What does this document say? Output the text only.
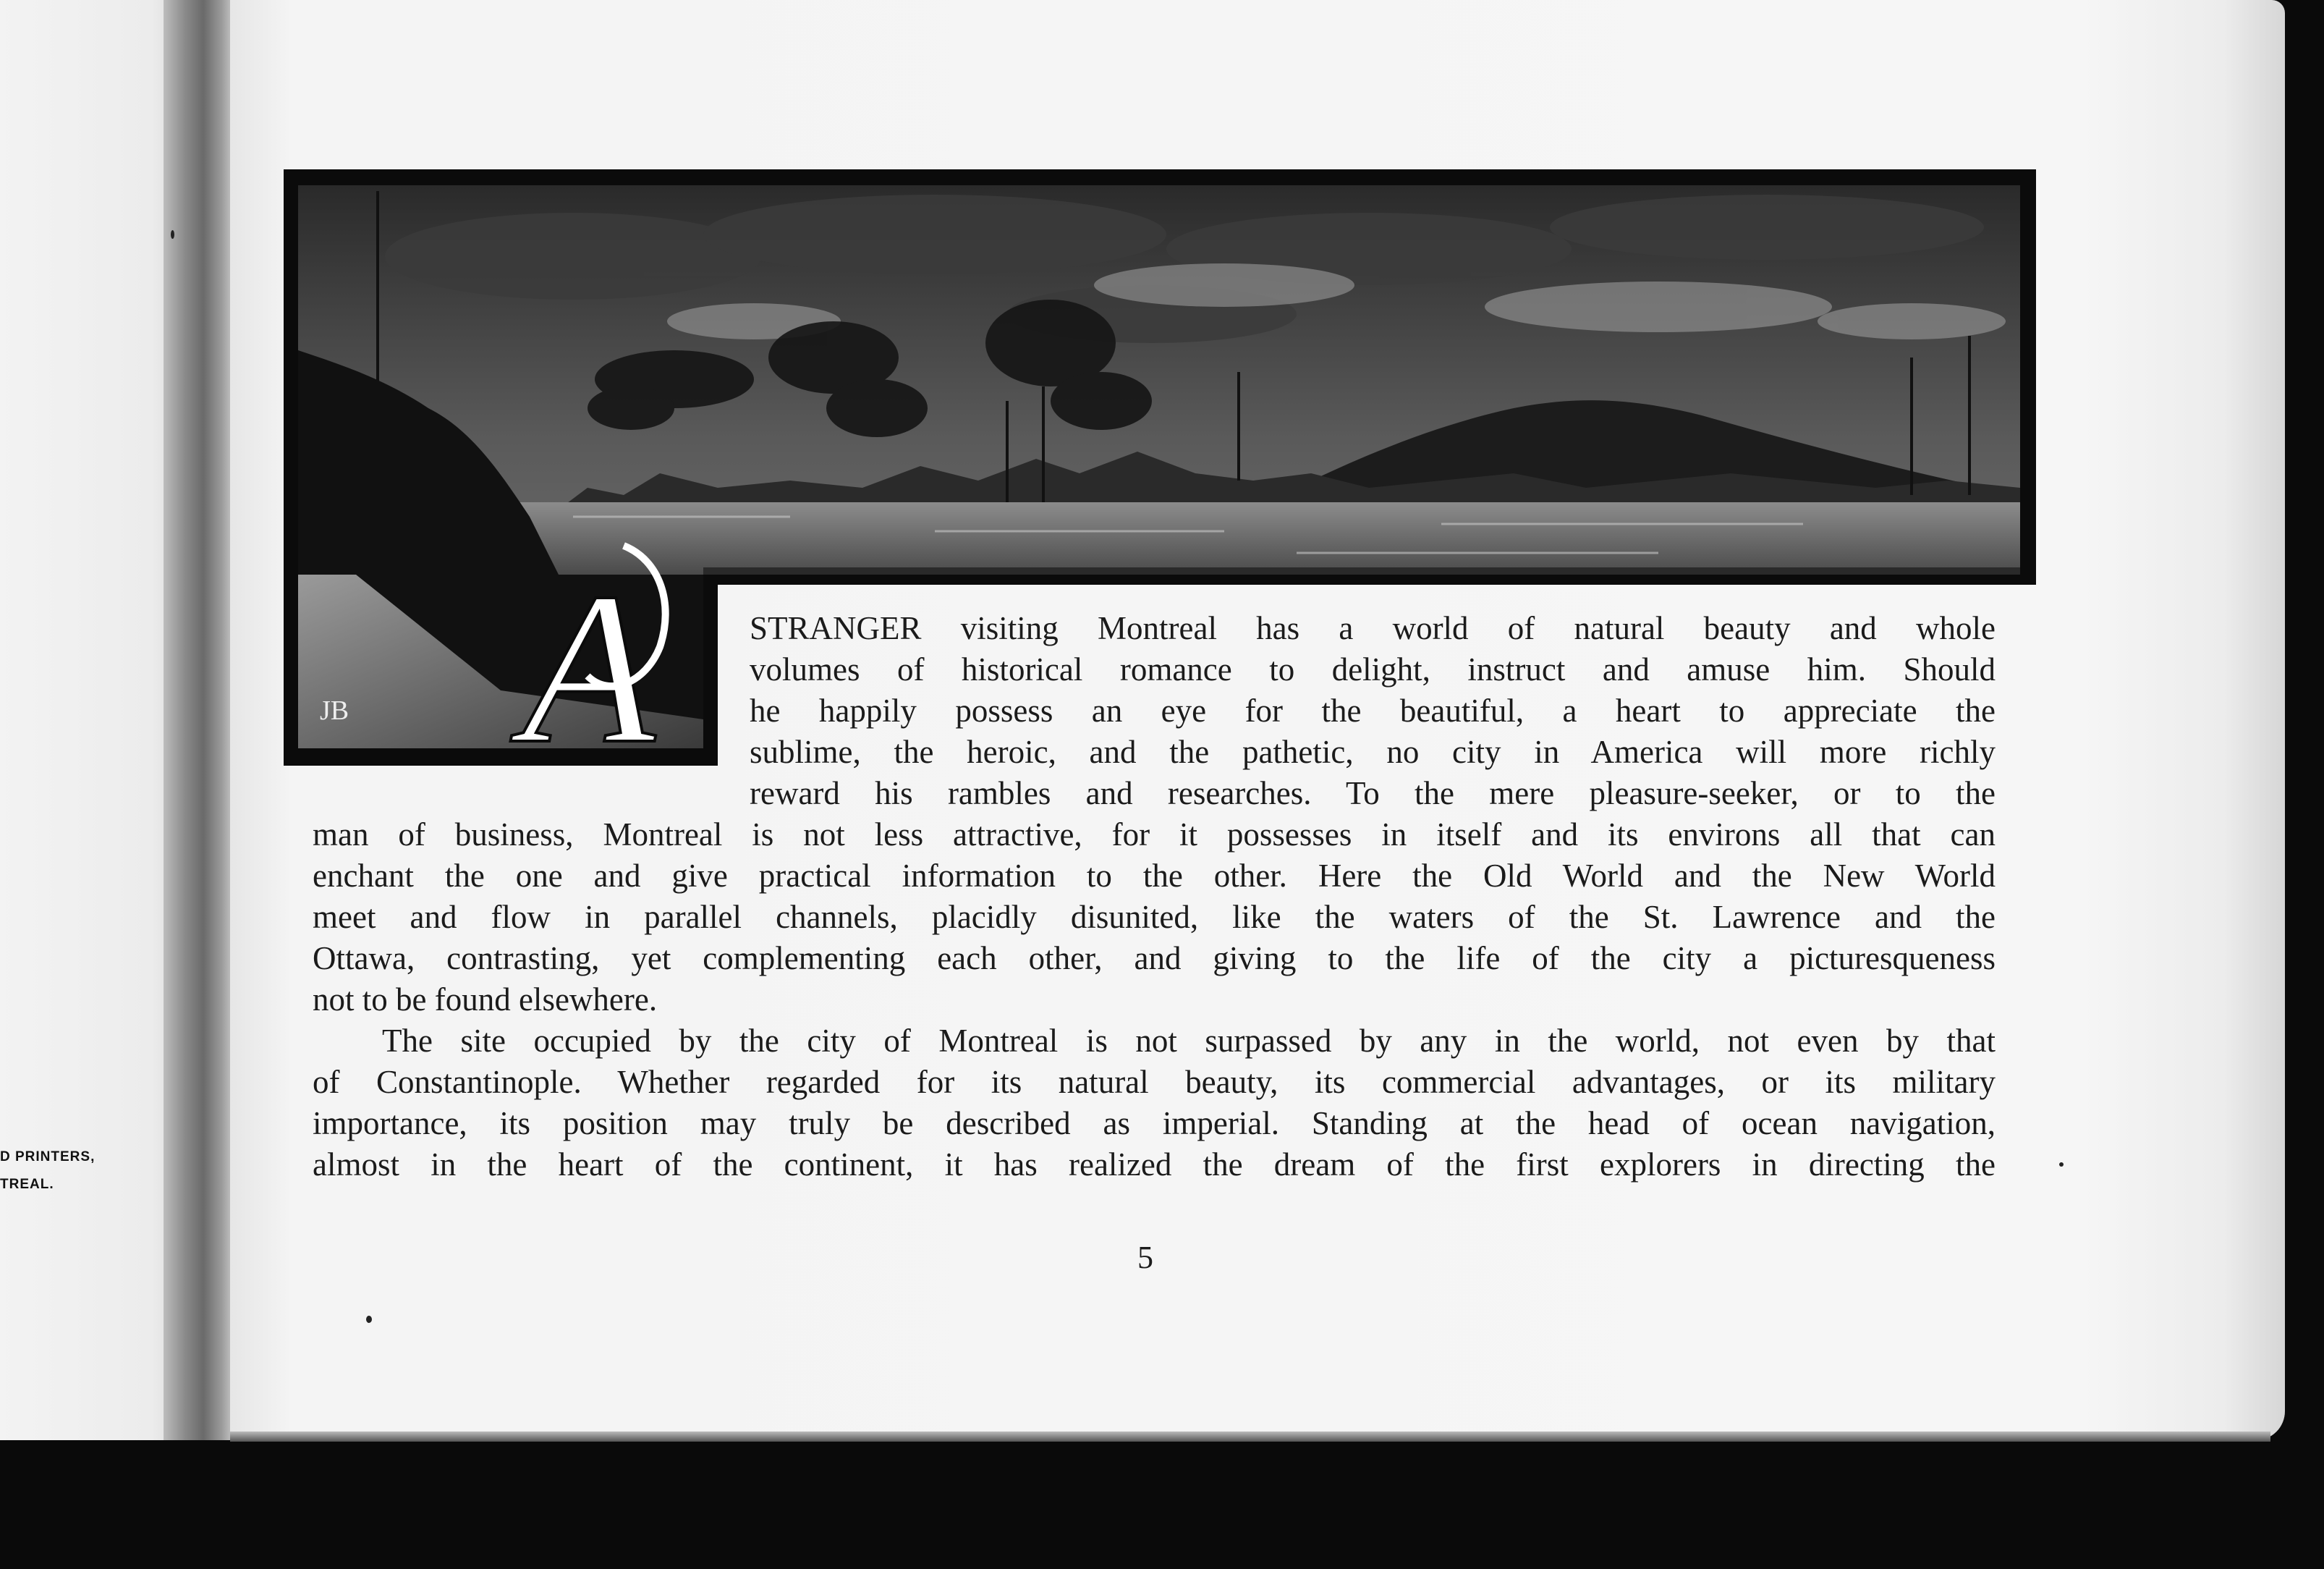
D PRINTERS,
TREAL.
JB A	STRANGER visiting Montreal has a world of natural beauty and whole
volumes of historical romance to delight, instruct and amuse him. Should
he happily possess an eye for the beautiful, a heart to appreciate the
sublime, the heroic, and the pathetic, no city in America will more richly
reward his rambles and researches. To the mere pleasure-seeker, or to the
man of business, Montreal is not less attractive, for it possesses in itself and its environs all that can
enchant the one and give practical information to the other. Here the Old World and the New World
meet and flow in parallel channels, placidly disunited, like the waters of the St. Lawrence and the
Ottawa, contrasting, yet complementing each other, and giving to the life of the city a picturesqueness
not to be found elsewhere.
The site occupied by the city of Montreal is not surpassed by any in the world, not even by that
of Constantinople. Whether regarded for its natural beauty, its commercial advantages, or its military
importance, its position may truly be described as imperial. Standing at the head of ocean navigation,
almost in the heart of the continent, it has realized the dream of the first explorers in directing the
5
